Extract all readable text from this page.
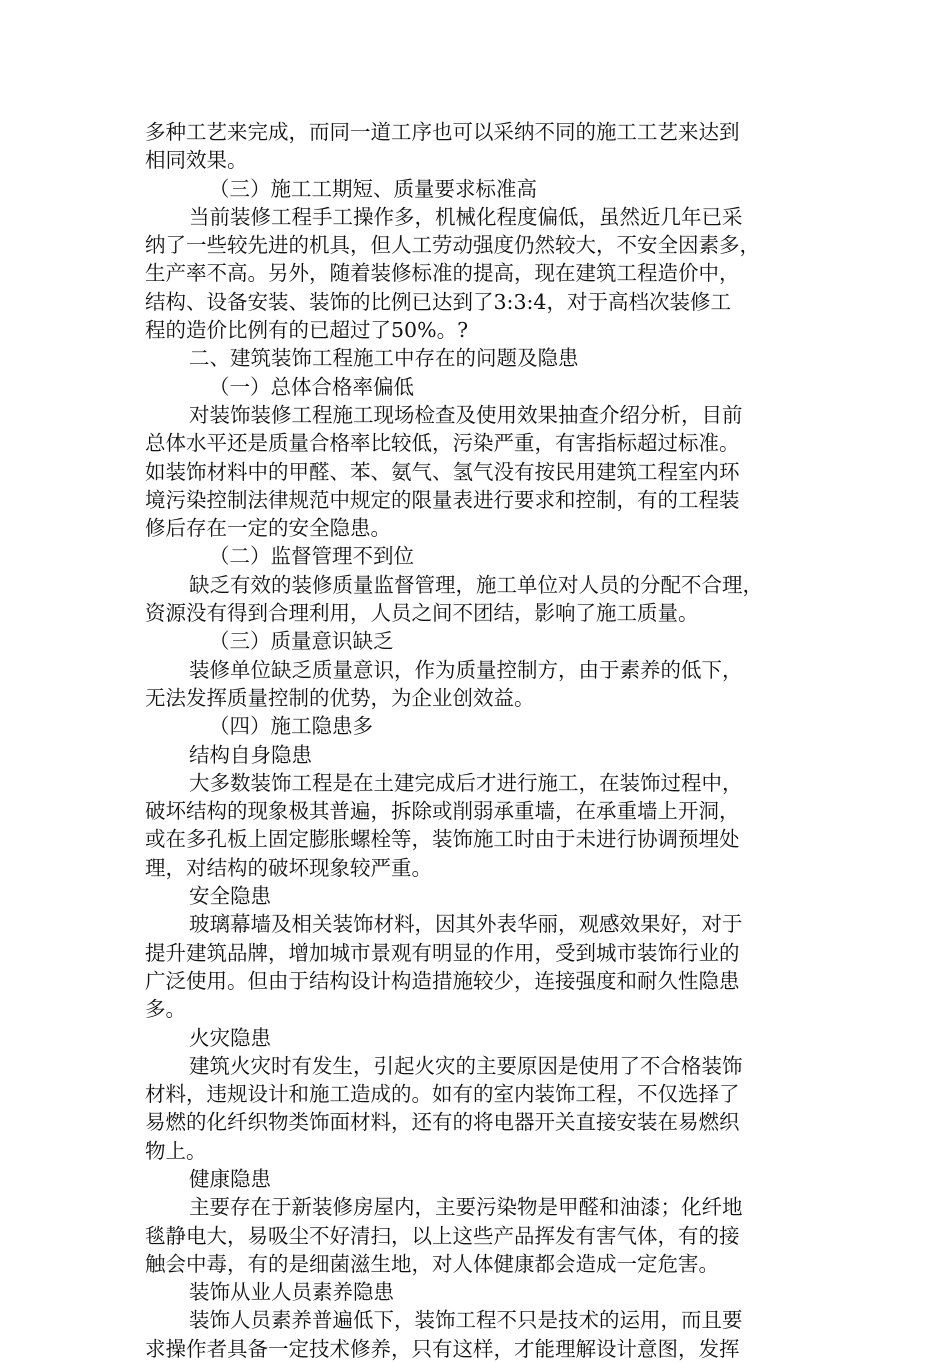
多种工艺来完成，而同一道工序也可以采纳不同的施工工艺来达到
相同效果。
（三）施工工期短、质量要求标准高
当前装修工程手工操作多，机械化程度偏低，虽然近几年已采
纳了一些较先进的机具，但人工劳动强度仍然较大，不安全因素多，
生产率不高。另外，随着装修标准的提高，现在建筑工程造价中，
结构、设备安装、装饰的比例已达到了3:3:4，对于高档次装修工
程的造价比例有的已超过了50%。?
二、建筑装饰工程施工中存在的问题及隐患
（一）总体合格率偏低
对装饰装修工程施工现场检查及使用效果抽查介绍分析，目前
总体水平还是质量合格率比较低，污染严重，有害指标超过标准。
如装饰材料中的甲醛、苯、氨气、氢气没有按民用建筑工程室内环
境污染控制法律规范中规定的限量表进行要求和控制，有的工程装
修后存在一定的安全隐患。
（二）监督管理不到位
缺乏有效的装修质量监督管理，施工单位对人员的分配不合理，
资源没有得到合理利用，人员之间不团结，影响了施工质量。
（三）质量意识缺乏
装修单位缺乏质量意识，作为质量控制方，由于素养的低下，
无法发挥质量控制的优势，为企业创效益。
（四）施工隐患多
结构自身隐患
大多数装饰工程是在土建完成后才进行施工，在装饰过程中，
破坏结构的现象极其普遍，拆除或削弱承重墙，在承重墙上开洞，
或在多孔板上固定膨胀螺栓等，装饰施工时由于未进行协调预埋处
理，对结构的破坏现象较严重。
安全隐患
玻璃幕墙及相关装饰材料，因其外表华丽，观感效果好，对于
提升建筑品牌，增加城市景观有明显的作用，受到城市装饰行业的
广泛使用。但由于结构设计构造措施较少，连接强度和耐久性隐患
多。
火灾隐患
建筑火灾时有发生，引起火灾的主要原因是使用了不合格装饰
材料，违规设计和施工造成的。如有的室内装饰工程，不仅选择了
易燃的化纤织物类饰面材料，还有的将电器开关直接安装在易燃织
物上。
健康隐患
主要存在于新装修房屋内，主要污染物是甲醛和油漆；化纤地
毯静电大，易吸尘不好清扫，以上这些产品挥发有害气体，有的接
触会中毒，有的是细菌滋生地，对人体健康都会造成一定危害。
装饰从业人员素养隐患
装饰人员素养普遍低下，装饰工程不只是技术的运用，而且要
求操作者具备一定技术修养，只有这样，才能理解设计意图，发挥
